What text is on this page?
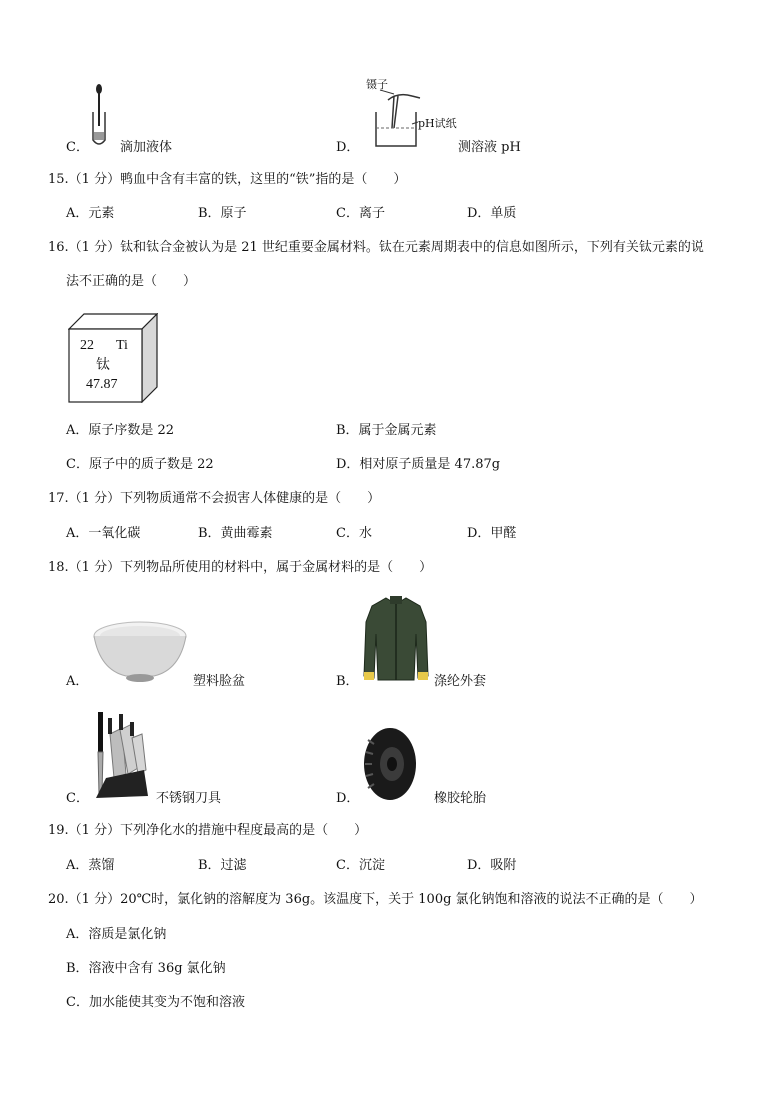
C． 滴加液体	D．
镊子
pH试纸
测溶液 pH
15.（1 分）鸭血中含有丰富的铁，这里的“铁”指的是（　　）
A．元素	B．原子	C．离子	D．单质
16.（1 分）钛和钛合金被认为是 21 世纪重要金属材料。钛在元素周期表中的信息如图所示，下列有关钛元素的说
法不正确的是（　　）
22 Ti
钛
47.87
A．原子序数是 22	B．属于金属元素
C．原子中的质子数是 22	D．相对原子质量是 47.87g
17.（1 分）下列物质通常不会损害人体健康的是（　　）
A．一氧化碳	B．黄曲霉素	C．水	D．甲醛
18.（1 分）下列物品所使用的材料中，属于金属材料的是（　　）
A．	塑料脸盆	B．	涤纶外套
C．	不锈钢刀具	D．	橡胶轮胎
19.（1 分）下列净化水的措施中程度最高的是（　　）
A．蒸馏	B．过滤	C．沉淀	D．吸附
20.（1 分）20℃时，氯化钠的溶解度为 36g。该温度下，关于 100g 氯化钠饱和溶液的说法不正确的是（　　）
A．溶质是氯化钠
B．溶液中含有 36g 氯化钠
C．加水能使其变为不饱和溶液
